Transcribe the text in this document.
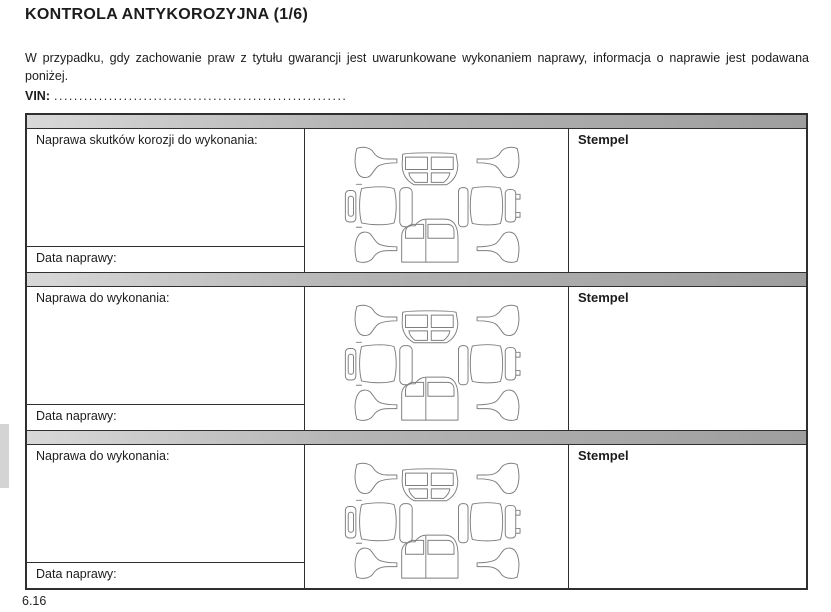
KONTROLA ANTYKOROZYJNA (1/6)
W przypadku, gdy zachowanie praw z tytułu gwarancji jest uwarunkowane wykonaniem naprawy, informacja o naprawie jest podawana poniżej.
VIN: ...........................................................
Naprawa skutków korozji do wykonania:
Data naprawy:
Stempel
Naprawa do wykonania:
Data naprawy:
Stempel
Naprawa do wykonania:
Data naprawy:
Stempel
6.16
